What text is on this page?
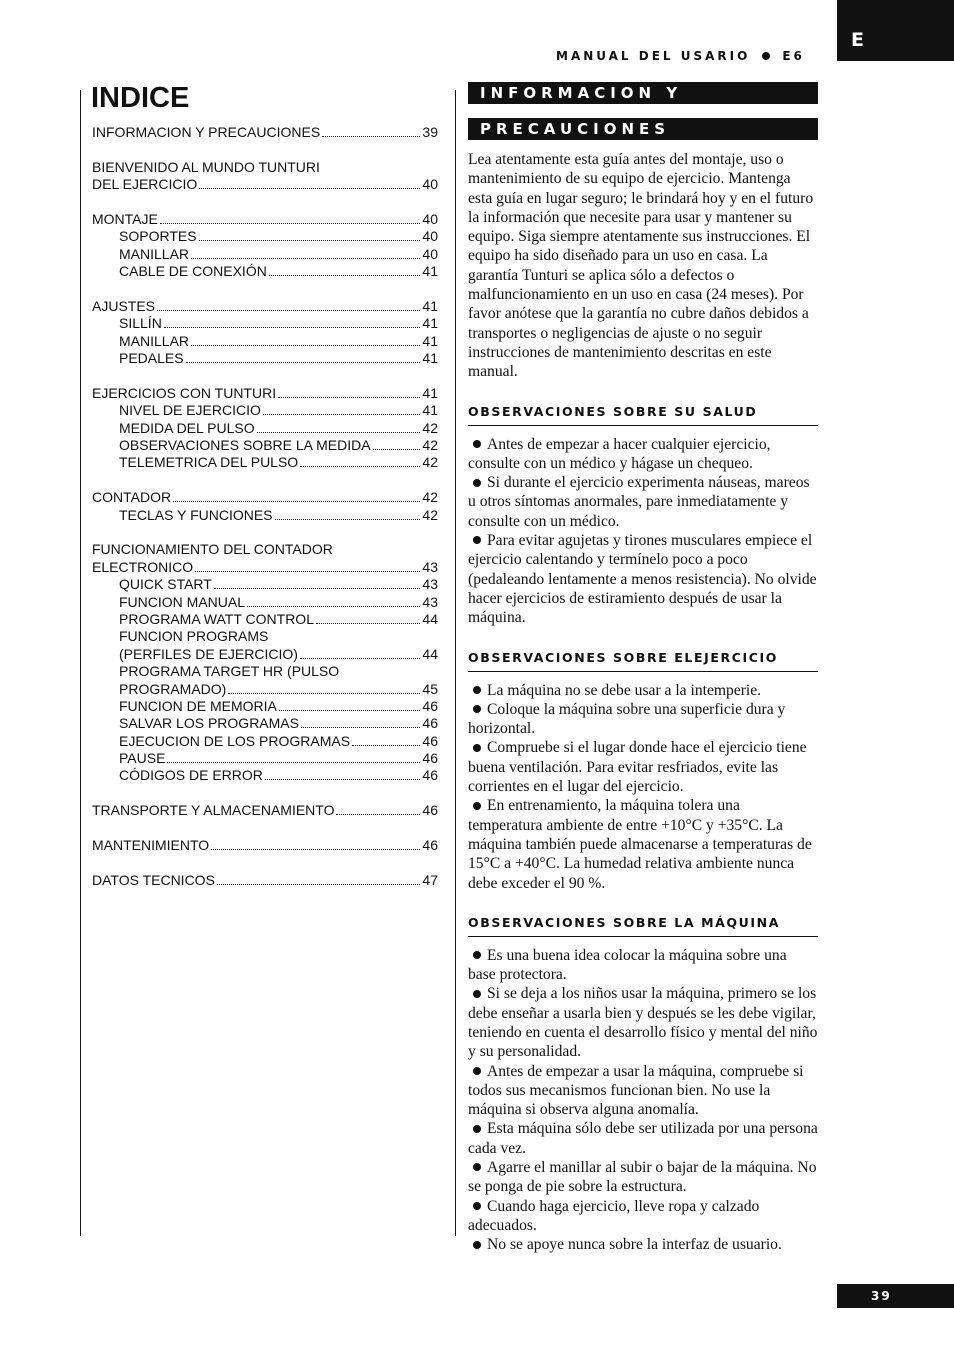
E
MANUAL DEL USARIO	E6
INDICE
INFORMACION Y PRECAUCIONES	39
BIENVENIDO AL MUNDO TUNTURI
DEL EJERCICIO	40
MONTAJE	40
SOPORTES	40
MANILLAR	40
CABLE DE CONEXIÓN	41
AJUSTES	41
SILLÍN	41
MANILLAR	41
PEDALES	41
EJERCICIOS CON TUNTURI	41
NIVEL DE EJERCICIO	41
MEDIDA DEL PULSO	42
OBSERVACIONES SOBRE LA MEDIDA	42
TELEMETRICA DEL PULSO	42
CONTADOR	42
TECLAS Y FUNCIONES	42
FUNCIONAMIENTO DEL CONTADOR
ELECTRONICO	43
QUICK START	43
FUNCION MANUAL	43
PROGRAMA WATT CONTROL	44
FUNCION PROGRAMS
(PERFILES DE EJERCICIO)	44
PROGRAMA TARGET HR (PULSO
PROGRAMADO)	45
FUNCION DE MEMORIA	46
SALVAR LOS PROGRAMAS	46
EJECUCION DE LOS PROGRAMAS	46
PAUSE	46
CÓDIGOS DE ERROR	46
TRANSPORTE Y ALMACENAMIENTO	46
MANTENIMIENTO	46
DATOS TECNICOS	47
INFORMACION Y
PRECAUCIONES

Lea atentamente esta guía antes del montaje, uso o mantenimiento de su equipo de ejercicio. Mantenga esta guía en lugar seguro; le brindará hoy y en el futuro la información que necesite para usar y mantener su equipo. Siga siempre atentamente sus instrucciones. El equipo ha sido diseñado para un uso en casa. La garantía Tunturi se aplica sólo a defectos o malfuncionamiento en un uso en casa (24 meses). Por favor anótese que la garantía no cubre daños debidos a transportes o negligencias de ajuste o no seguir instrucciones de mantenimiento descritas en este manual.

OBSERVACIONES SOBRE SU SALUD

Antes de empezar a hacer cualquier ejercicio, consulte con un médico y hágase un chequeo.

Si durante el ejercicio experimenta náuseas, mareos u otros síntomas anormales, pare inmediatamente y consulte con un médico.

Para evitar agujetas y tirones musculares empiece el ejercicio calentando y termínelo poco a poco (pedaleando lentamente a menos resistencia). No olvide hacer ejercicios de estiramiento después de usar la máquina.

OBSERVACIONES SOBRE ELEJERCICIO

La máquina no se debe usar a la intemperie.

Coloque la máquina sobre una superficie dura y horizontal.

Compruebe si el lugar donde hace el ejercicio tiene buena ventilación. Para evitar resfriados, evite las corrientes en el lugar del ejercicio.

En entrenamiento, la máquina tolera una temperatura ambiente de entre +10°C y +35°C. La máquina también puede almacenarse a temperaturas de 15°C a +40°C. La humedad relativa ambiente nunca debe exceder el 90 %.

OBSERVACIONES SOBRE LA MÁQUINA

Es una buena idea colocar la máquina sobre una base protectora.

Si se deja a los niños usar la máquina, primero se los debe enseñar a usarla bien y después se les debe vigilar, teniendo en cuenta el desarrollo físico y mental del niño y su personalidad.

Antes de empezar a usar la máquina, compruebe si todos sus mecanismos funcionan bien. No use la máquina si observa alguna anomalía.

Esta máquina sólo debe ser utilizada por una persona cada vez.

Agarre el manillar al subir o bajar de la máquina. No se ponga de pie sobre la estructura.

Cuando haga ejercicio, lleve ropa y calzado adecuados.

No se apoye nunca sobre la interfaz de usuario.

39
